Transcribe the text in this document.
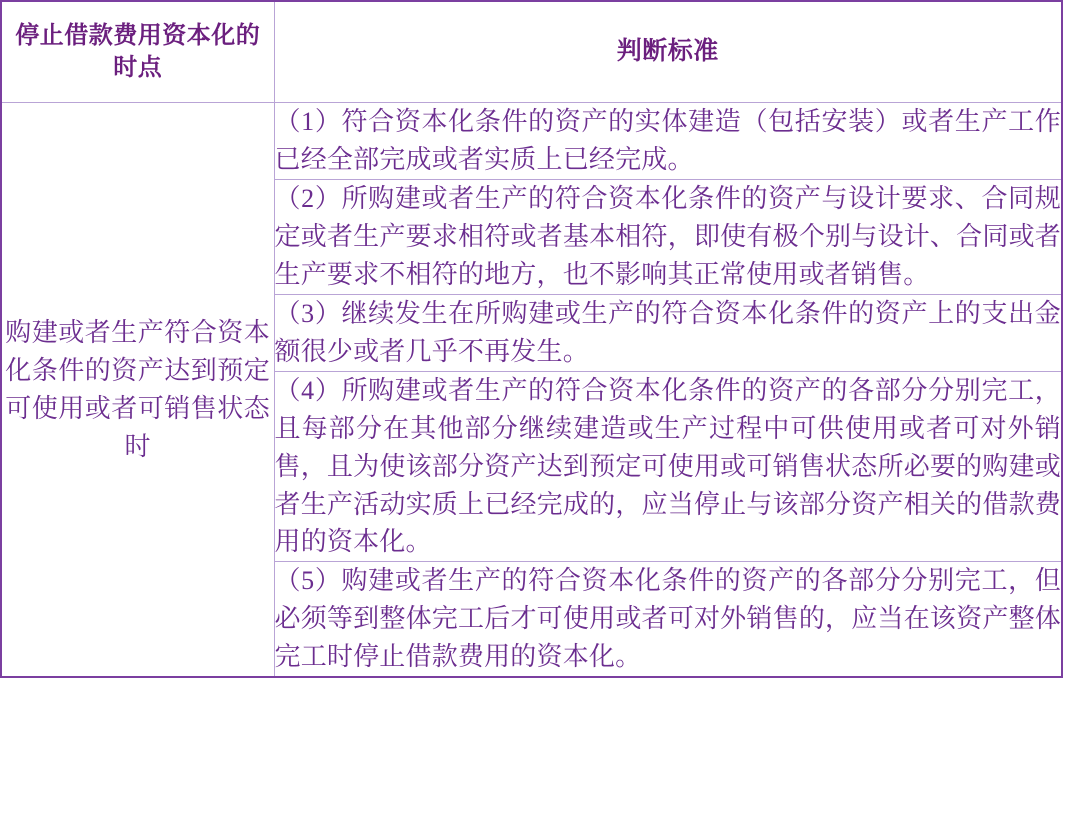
停止借款费用资本化的时点	判断标准
购建或者生产符合资本化条件的资产达到预定可使用或者可销售状态时	（1）符合资本化条件的资产的实体建造（包括安装）或者生产工作已经全部完成或者实质上已经完成。
	（2）所购建或者生产的符合资本化条件的资产与设计要求、合同规定或者生产要求相符或者基本相符，即使有极个别与设计、合同或者生产要求不相符的地方，也不影响其正常使用或者销售。
	（3）继续发生在所购建或生产的符合资本化条件的资产上的支出金额很少或者几乎不再发生。
	（4）所购建或者生产的符合资本化条件的资产的各部分分别完工，且每部分在其他部分继续建造或生产过程中可供使用或者可对外销售，且为使该部分资产达到预定可使用或可销售状态所必要的购建或者生产活动实质上已经完成的，应当停止与该部分资产相关的借款费用的资本化。
	（5）购建或者生产的符合资本化条件的资产的各部分分别完工，但必须等到整体完工后才可使用或者可对外销售的，应当在该资产整体完工时停止借款费用的资本化。
